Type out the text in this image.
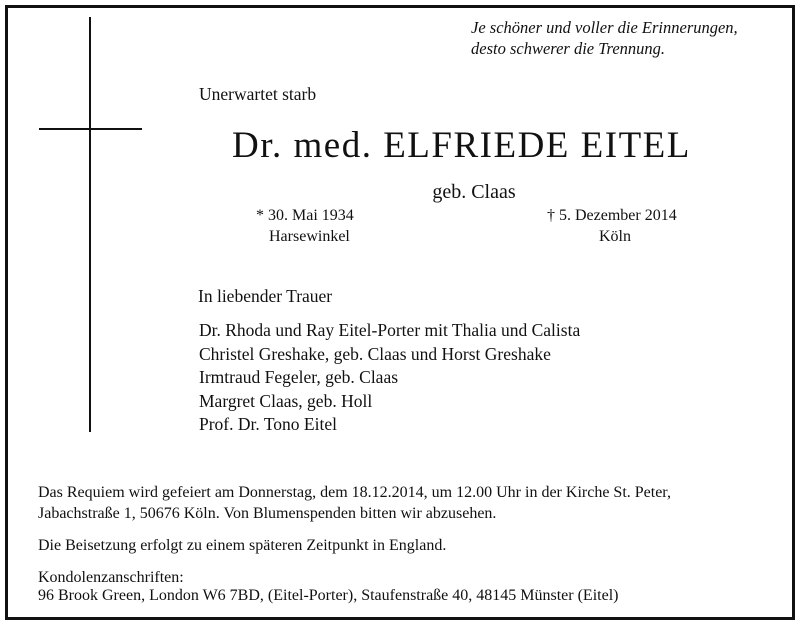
Je schöner und voller die Erinnerungen,
desto schwerer die Trennung.
Unerwartet starb
Dr. med. ELFRIEDE EITEL
geb. Claas
* 30. Mai 1934
Harsewinkel
† 5. Dezember 2014
Köln
In liebender Trauer
Dr. Rhoda und Ray Eitel-Porter mit Thalia und Calista
Christel Greshake, geb. Claas und Horst Greshake
Irmtraud Fegeler, geb. Claas
Margret Claas, geb. Holl
Prof. Dr. Tono Eitel
Das Requiem wird gefeiert am Donnerstag, dem 18.12.2014, um 12.00 Uhr in der Kirche St. Peter,
Jabachstraße 1, 50676 Köln. Von Blumenspenden bitten wir abzusehen.
Die Beisetzung erfolgt zu einem späteren Zeitpunkt in England.
Kondolenzanschriften:
96 Brook Green, London W6 7BD, (Eitel-Porter), Staufenstraße 40, 48145 Münster (Eitel)
